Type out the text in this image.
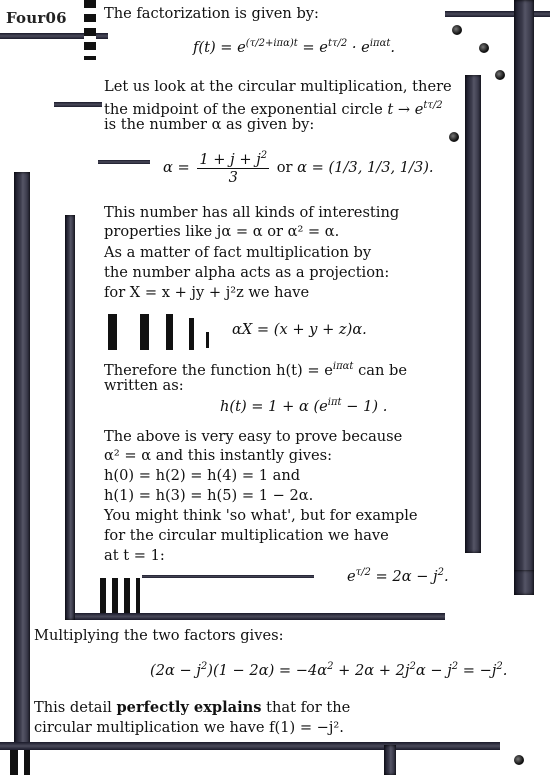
Four06	The factorization is given by:
$f(t) = e^{(\tau/2+i\pi\alpha)t} = e^{t\tau/2} \cdot e^{i\pi\alpha t}$.
Let us look at the circular multiplication, there
the midpoint of the exponential circle $t \to e^{t\tau/2}$
is the number α as given by:
$\alpha = \frac{1 + j + j^2}{3}$ or α = (1/3, 1/3, 1/3).
This number has all kinds of interesting
properties like jα = α or α² = α.
As a matter of fact multiplication by
the number alpha acts as a projection:
for X = x + jy + j²z we have
αX = (x + y + z)α.
Therefore the function $h(t) = e^{i\pi\alpha t}$ can be
written as:
h(t) = 1 + α $(e^{i\pi t} - 1)$ .
The above is very easy to prove because
α² = α and this instantly gives:
h(0) = h(2) = h(4) = 1 and
h(1) = h(3) = h(5) = 1 − 2α.
You might think 'so what', but for example
for the circular multiplication we have
at t = 1:
$e^{\tau/2} = 2\alpha - j^2$.
Multiplying the two factors gives:
$(2\alpha - j^2)(1 - 2\alpha) = -4\alpha^2 + 2\alpha + 2j^2\alpha - j^2 = -j^2$.
This detail perfectly explains that for the
circular multiplication we have f(1) = −j².
